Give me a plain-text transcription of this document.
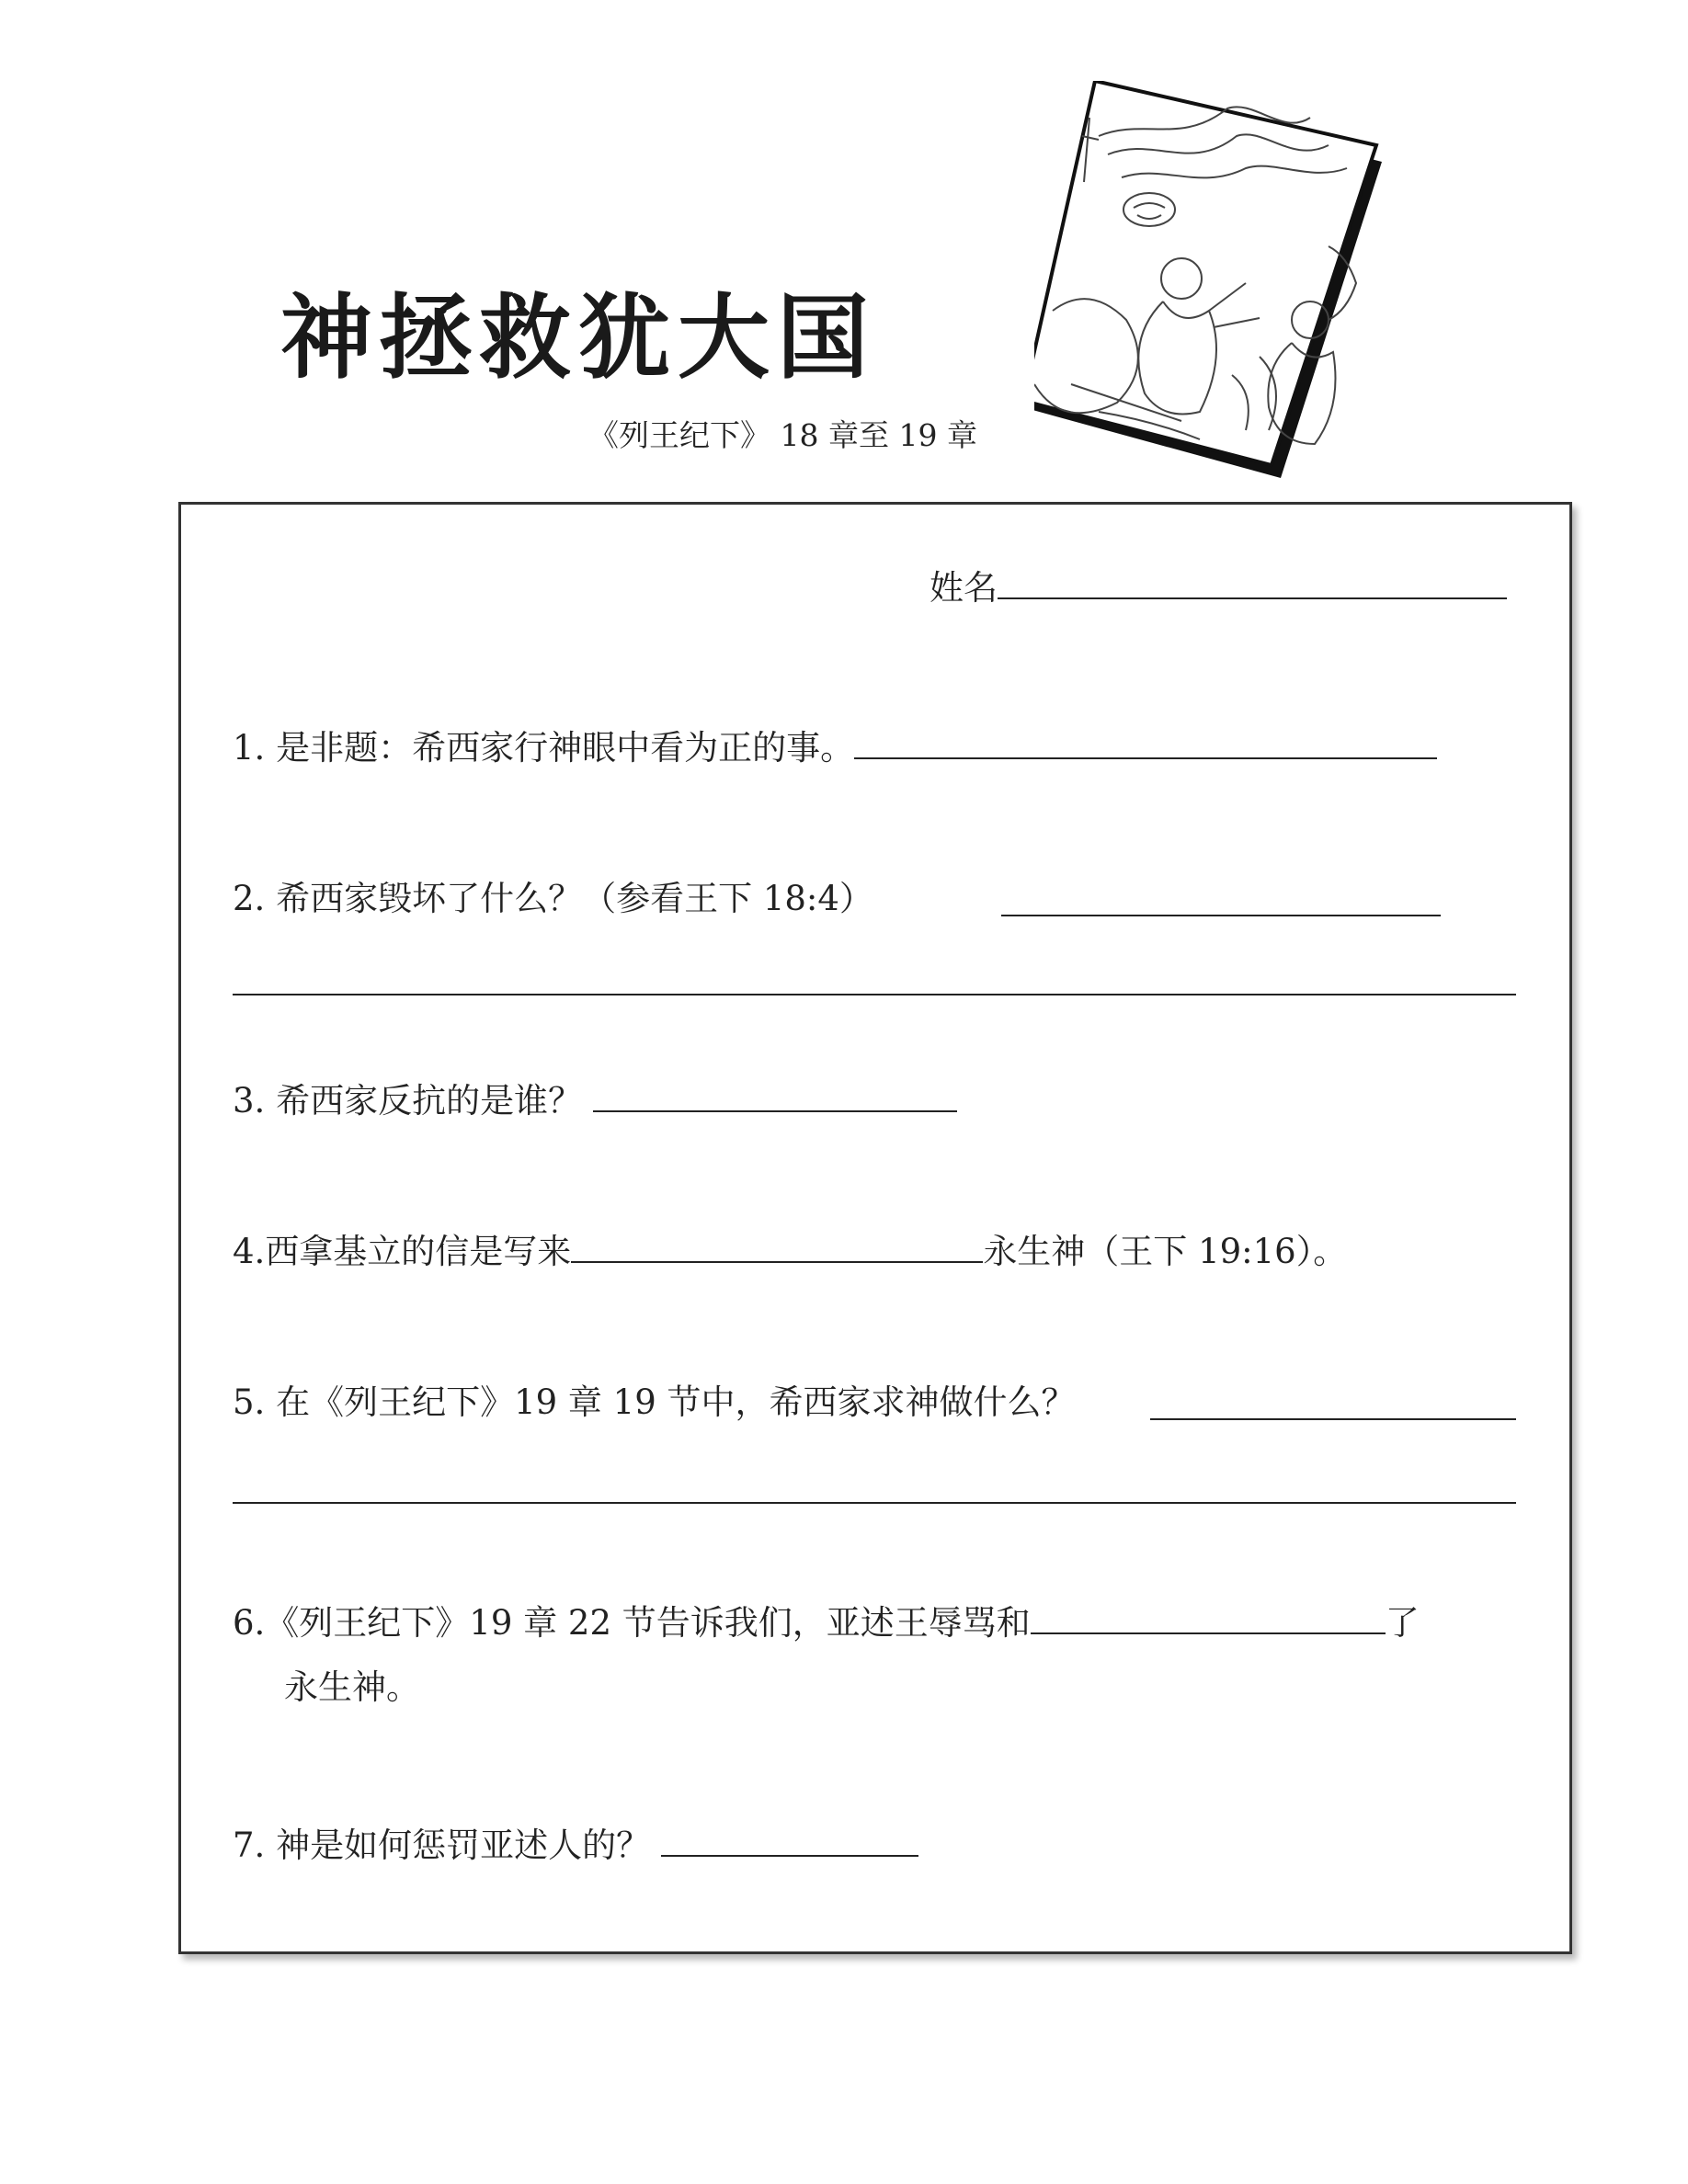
神拯救犹大国
《列王纪下》 18 章至 19 章
姓名
1. 是非题：希西家行神眼中看为正的事。
2. 希西家毁坏了什么？（参看王下 18:4）
3. 希西家反抗的是谁？
4.西拿基立的信是写来	永生神（王下 19:16）。
5. 在《列王纪下》19 章 19 节中，希西家求神做什么？
6.《列王纪下》19 章 22 节告诉我们，亚述王辱骂和	了
永生神。
7. 神是如何惩罚亚述人的？
